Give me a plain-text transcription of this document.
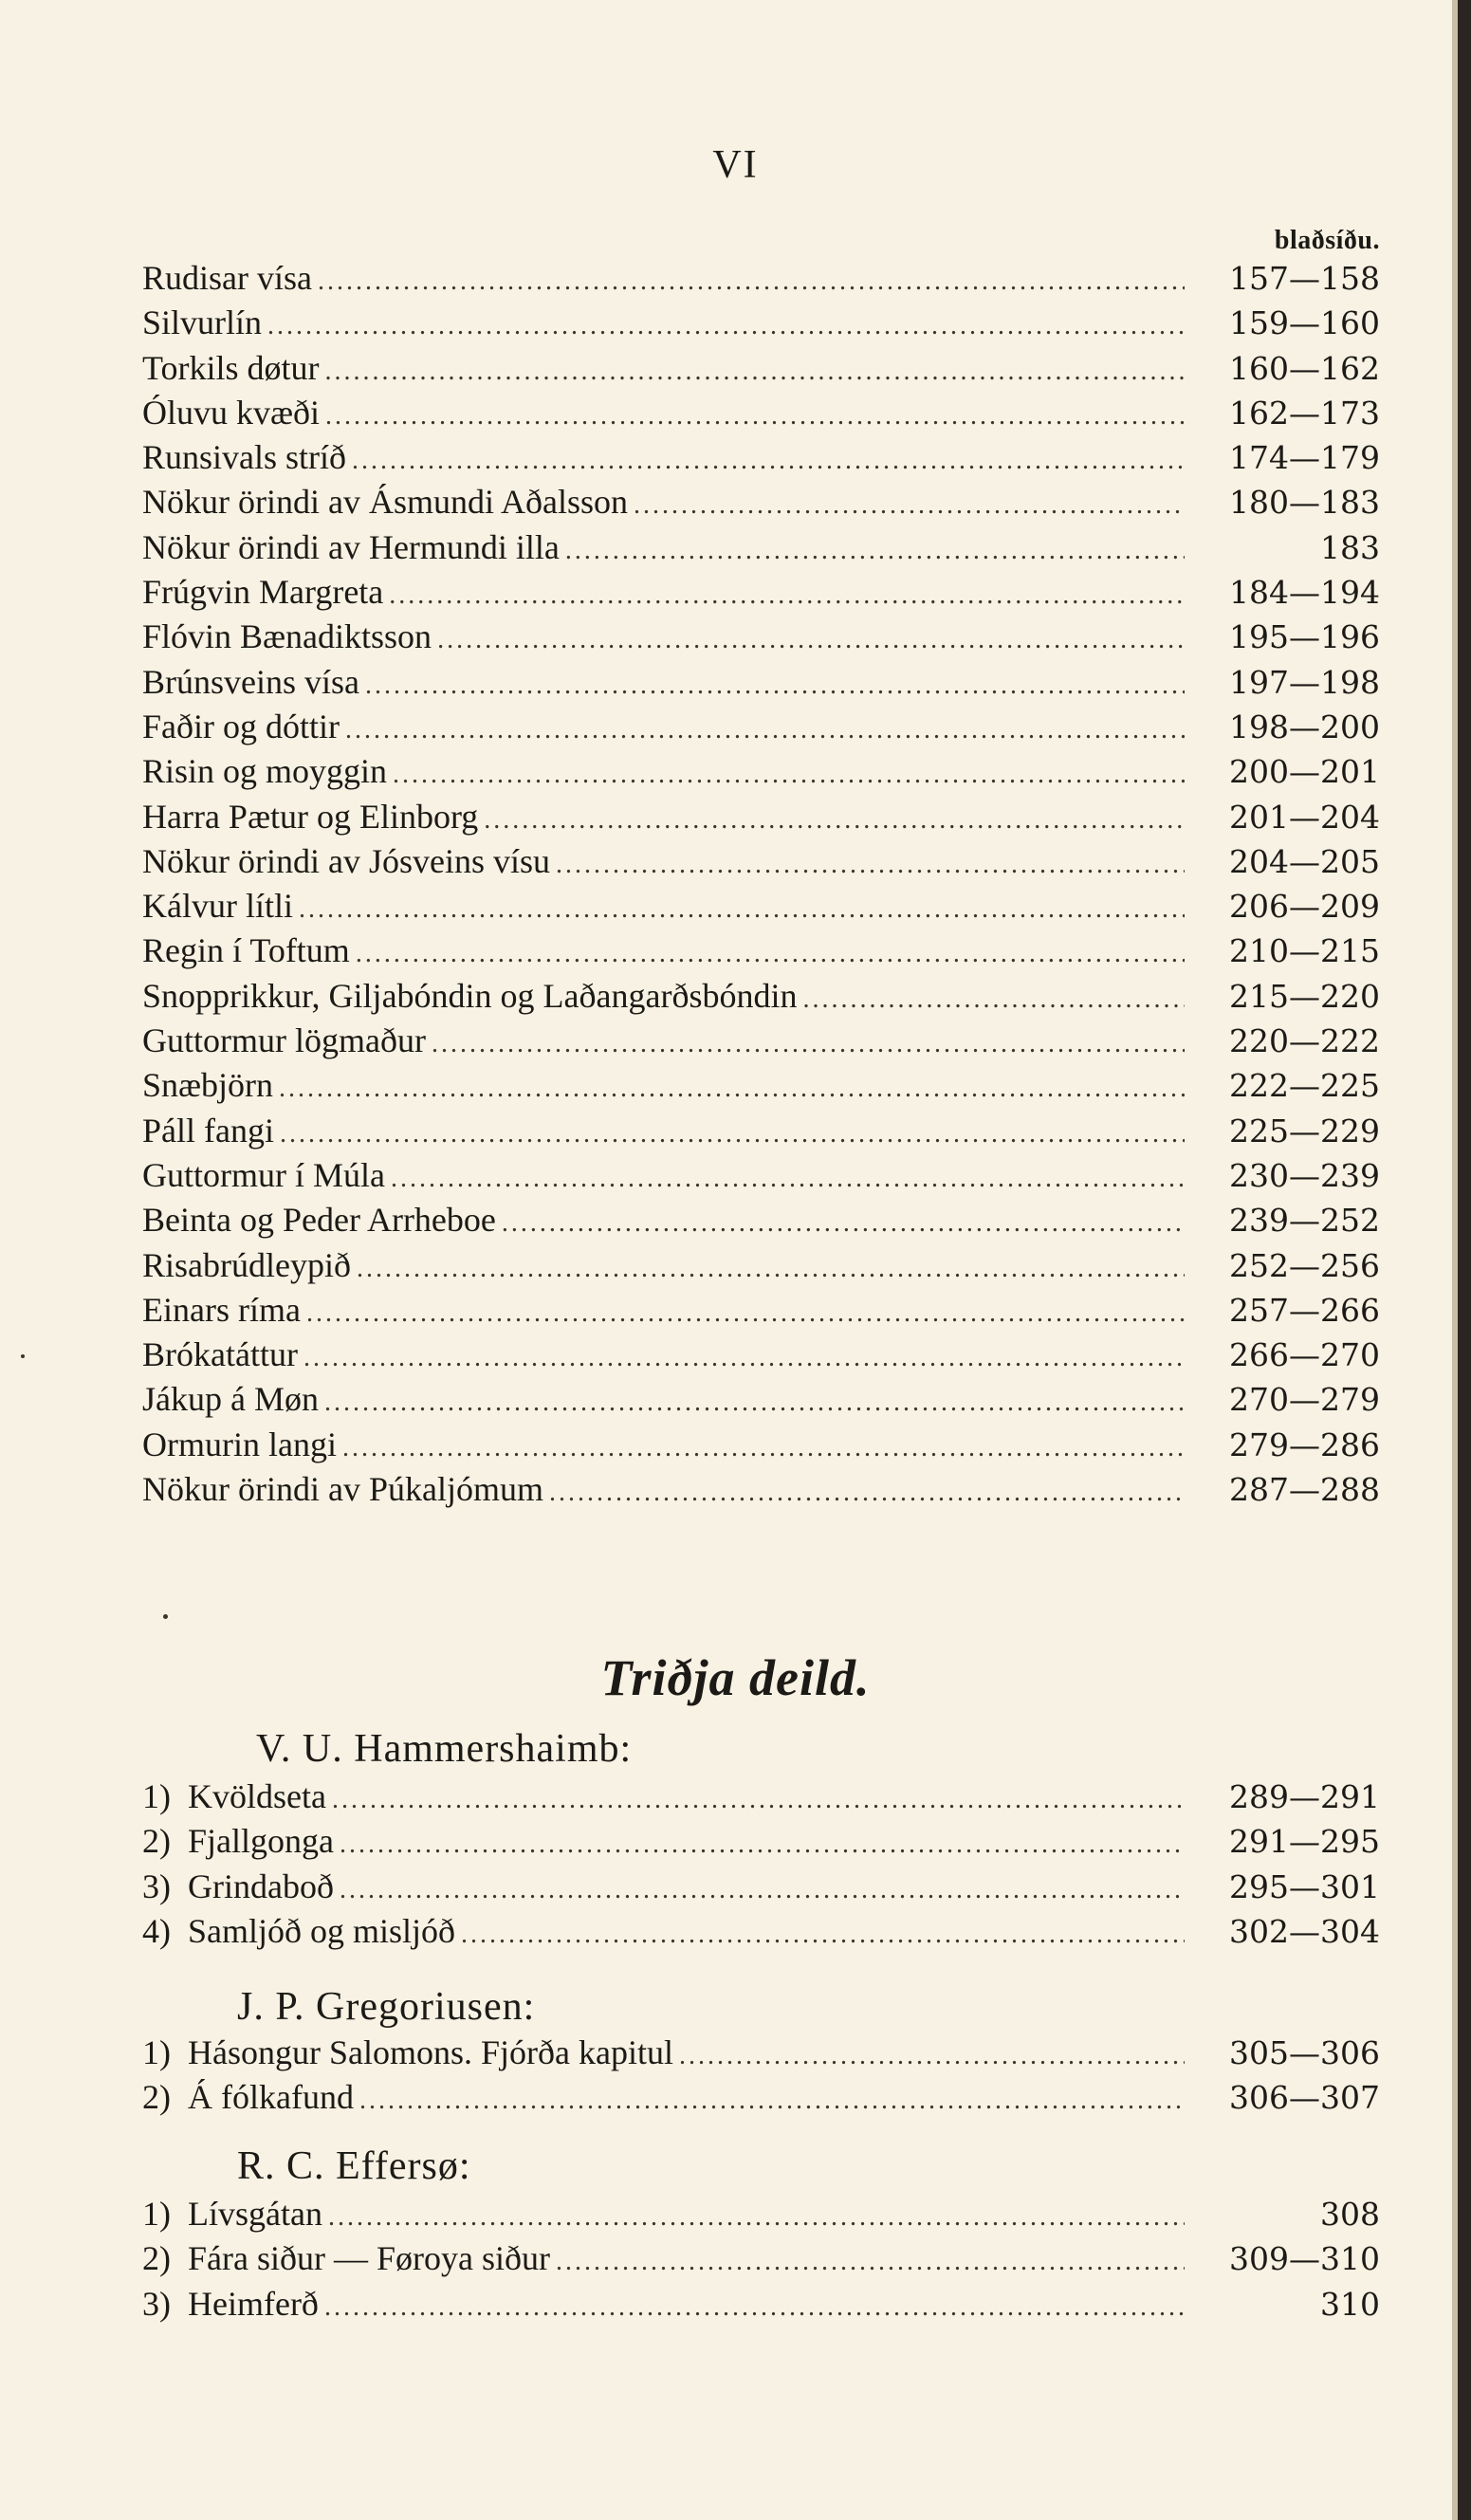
VI
blaðsíðu.
Rudisar vísa .....	157—158
Silvurlín .....	159—160
Torkils døtur .....	160—162
Óluvu kvæði .....	162—173
Runsivals stríð .....	174—179
Nökur örindi av Ásmundi Aðalsson .....	180—183
Nökur örindi av Hermundi illa .....	183
Frúgvin Margreta .....	184—194
Flóvin Bænadiktsson .....	195—196
Brúnsveins vísa .....	197—198
Faðir og dóttir .....	198—200
Risin og moyggin .....	200—201
Harra Pætur og Elinborg .....	201—204
Nökur örindi av Jósveins vísu .....	204—205
Kálvur lítli .....	206—209
Regin í Toftum .....	210—215
Snopprikkur, Giljabóndin og Laðangarðsbóndin .....	215—220
Guttormur lögmaður .....	220—222
Snæbjörn .....	222—225
Páll fangi .....	225—229
Guttormur í Múla .....	230—239
Beinta og Peder Arrheboe .....	239—252
Risabrúdleypið .....	252—256
Einars ríma .....	257—266
Brókatáttur .....	266—270
Jákup á Møn .....	270—279
Ormurin langi .....	279—286
Nökur örindi av Púkaljómum .....	287—288
Triðja deild.
V. U. Hammershaimb:
1) Kvöldseta .....	289—291
2) Fjallgonga .....	291—295
3) Grindaboð .....	295—301
4) Samljóð og misljóð .....	302—304
J. P. Gregoriusen:
1) Hásongur Salomons. Fjórða kapitul .....	305—306
2) Á fólkafund .....	306—307
R. C. Effersø:
1) Lívsgátan .....	308
2) Fára siður — Føroya siður .....	309—310
3) Heimferð .....	310
